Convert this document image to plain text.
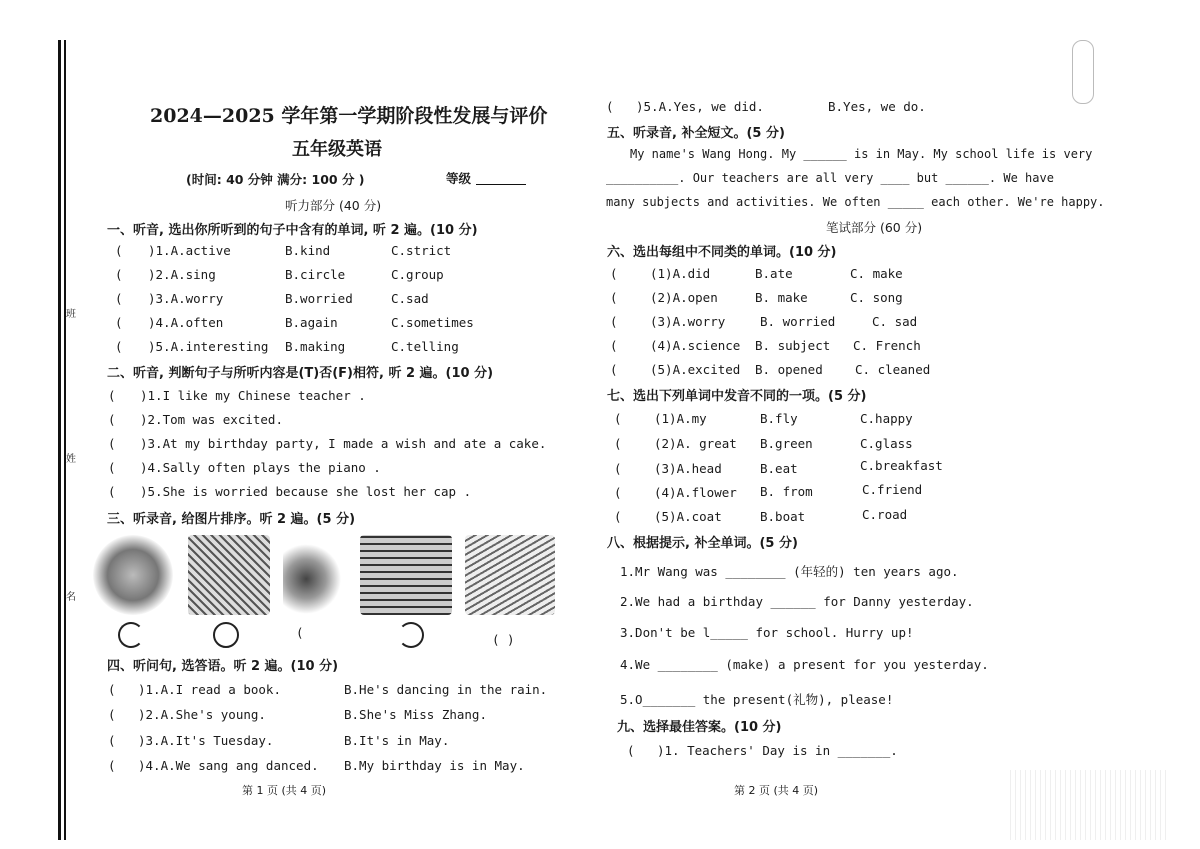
班
姓
名
2024—2025 学年第一学期阶段性发展与评价
五年级英语
(时间: 40 分钟 满分: 100 分 )	等级
听力部分 (40 分)
一、听音, 选出你所听到的句子中含有的单词, 听 2 遍。(10 分)
( )1.A.active	B.kind	C.strict
( )2.A.sing	B.circle	C.group
( )3.A.worry	B.worried	C.sad
( )4.A.often	B.again	C.sometimes
( )5.A.interesting B.making	C.telling
二、听音, 判断句子与所听内容是(T)否(F)相符, 听 2 遍。(10 分)
( )1.I like my Chinese teacher .
( )2.Tom was excited.
( )3.At my birthday party, I made a wish and ate a cake.
( )4.Sally often plays the piano .
( )5.She is worried because she lost her cap .
三、听录音, 给图片排序。听 2 遍。(5 分)
(	( )
四、听问句, 选答语。听 2 遍。(10 分)
( )1.A.I read a book.	B.He's dancing in the rain.
( )2.A.She's young.	B.She's Miss Zhang.
( )3.A.It's Tuesday.	B.It's in May.
( )4.A.We sang ang danced. B.My birthday is in May.
第 1 页 (共 4 页)
( )5.A.Yes, we did.	B.Yes, we do.
五、听录音, 补全短文。(5 分)
My name's Wang Hong. My ______ is in May. My school life is very
__________. Our teachers are all very ____ but ______. We have
many subjects and activities. We often _____ each other. We're happy.
笔试部分 (60 分)
六、选出每组中不同类的单词。(10 分)
(	(1)A.did	B.ate	C. make
(	(2)A.open	B. make	C. song
(	(3)A.worry	B. worried	C. sad
(	(4)A.science B. subject C. French
(	(5)A.excited B. opened	C. cleaned
七、选出下列单词中发音不同的一项。(5 分)
(	(1)A.my	B.fly	C.happy
(	(2)A. great B.green	C.glass
(	(3)A.head	B.eat	C.breakfast
(	(4)A.flower B. from	C.friend
(	(5)A.coat	B.boat	C.road
八、根据提示, 补全单词。(5 分)
1.Mr Wang was ________ (年轻的) ten years ago.
2.We had a birthday ______ for Danny yesterday.
3.Don't be l_____ for school. Hurry up!
4.We ________ (make) a present for you yesterday.
5.O_______ the present(礼物), please!
九、选择最佳答案。(10 分)
( )1. Teachers' Day is in _______.
第 2 页 (共 4 页)
